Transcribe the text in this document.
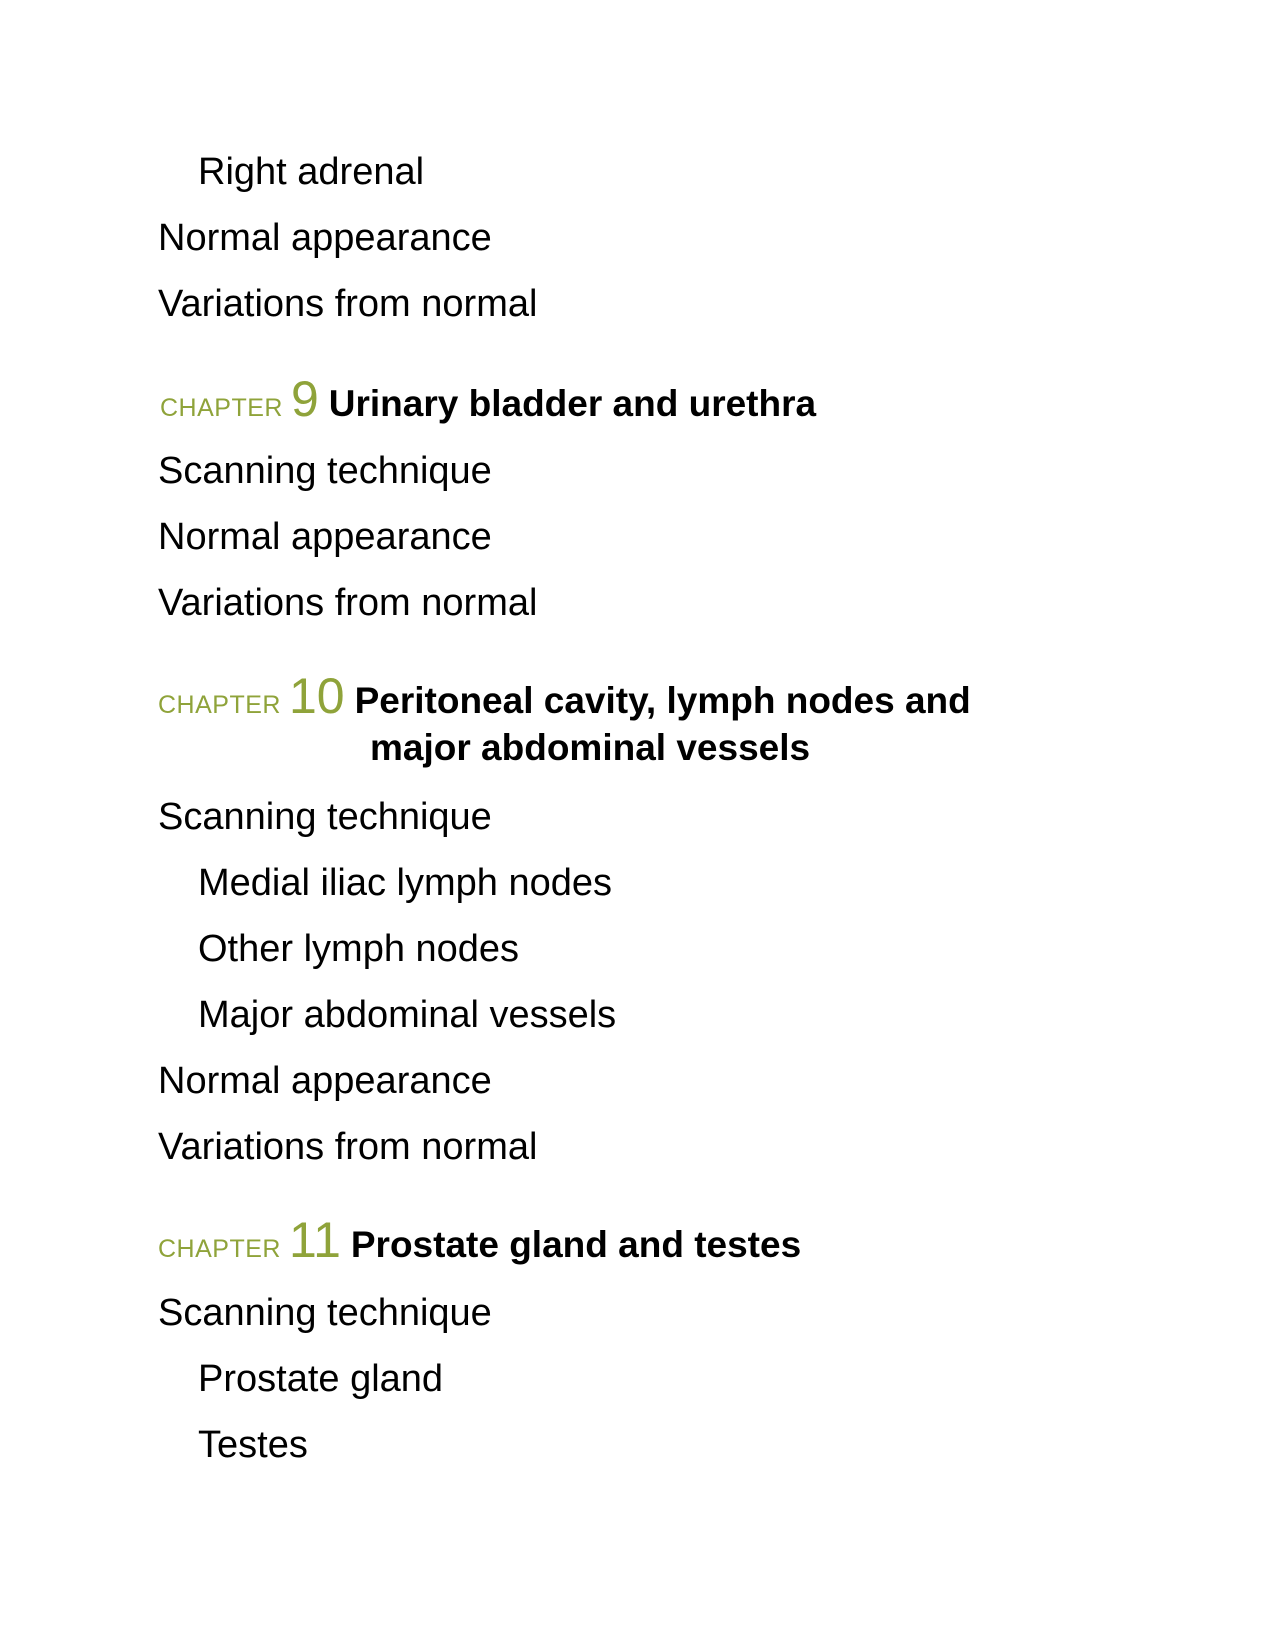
Right adrenal
Normal appearance
Variations from normal
CHAPTER 9 Urinary bladder and urethra
Scanning technique
Normal appearance
Variations from normal
CHAPTER 10 Peritoneal cavity, lymph nodes and
major abdominal vessels
Scanning technique
Medial iliac lymph nodes
Other lymph nodes
Major abdominal vessels
Normal appearance
Variations from normal
CHAPTER 11 Prostate gland and testes
Scanning technique
Prostate gland
Testes
